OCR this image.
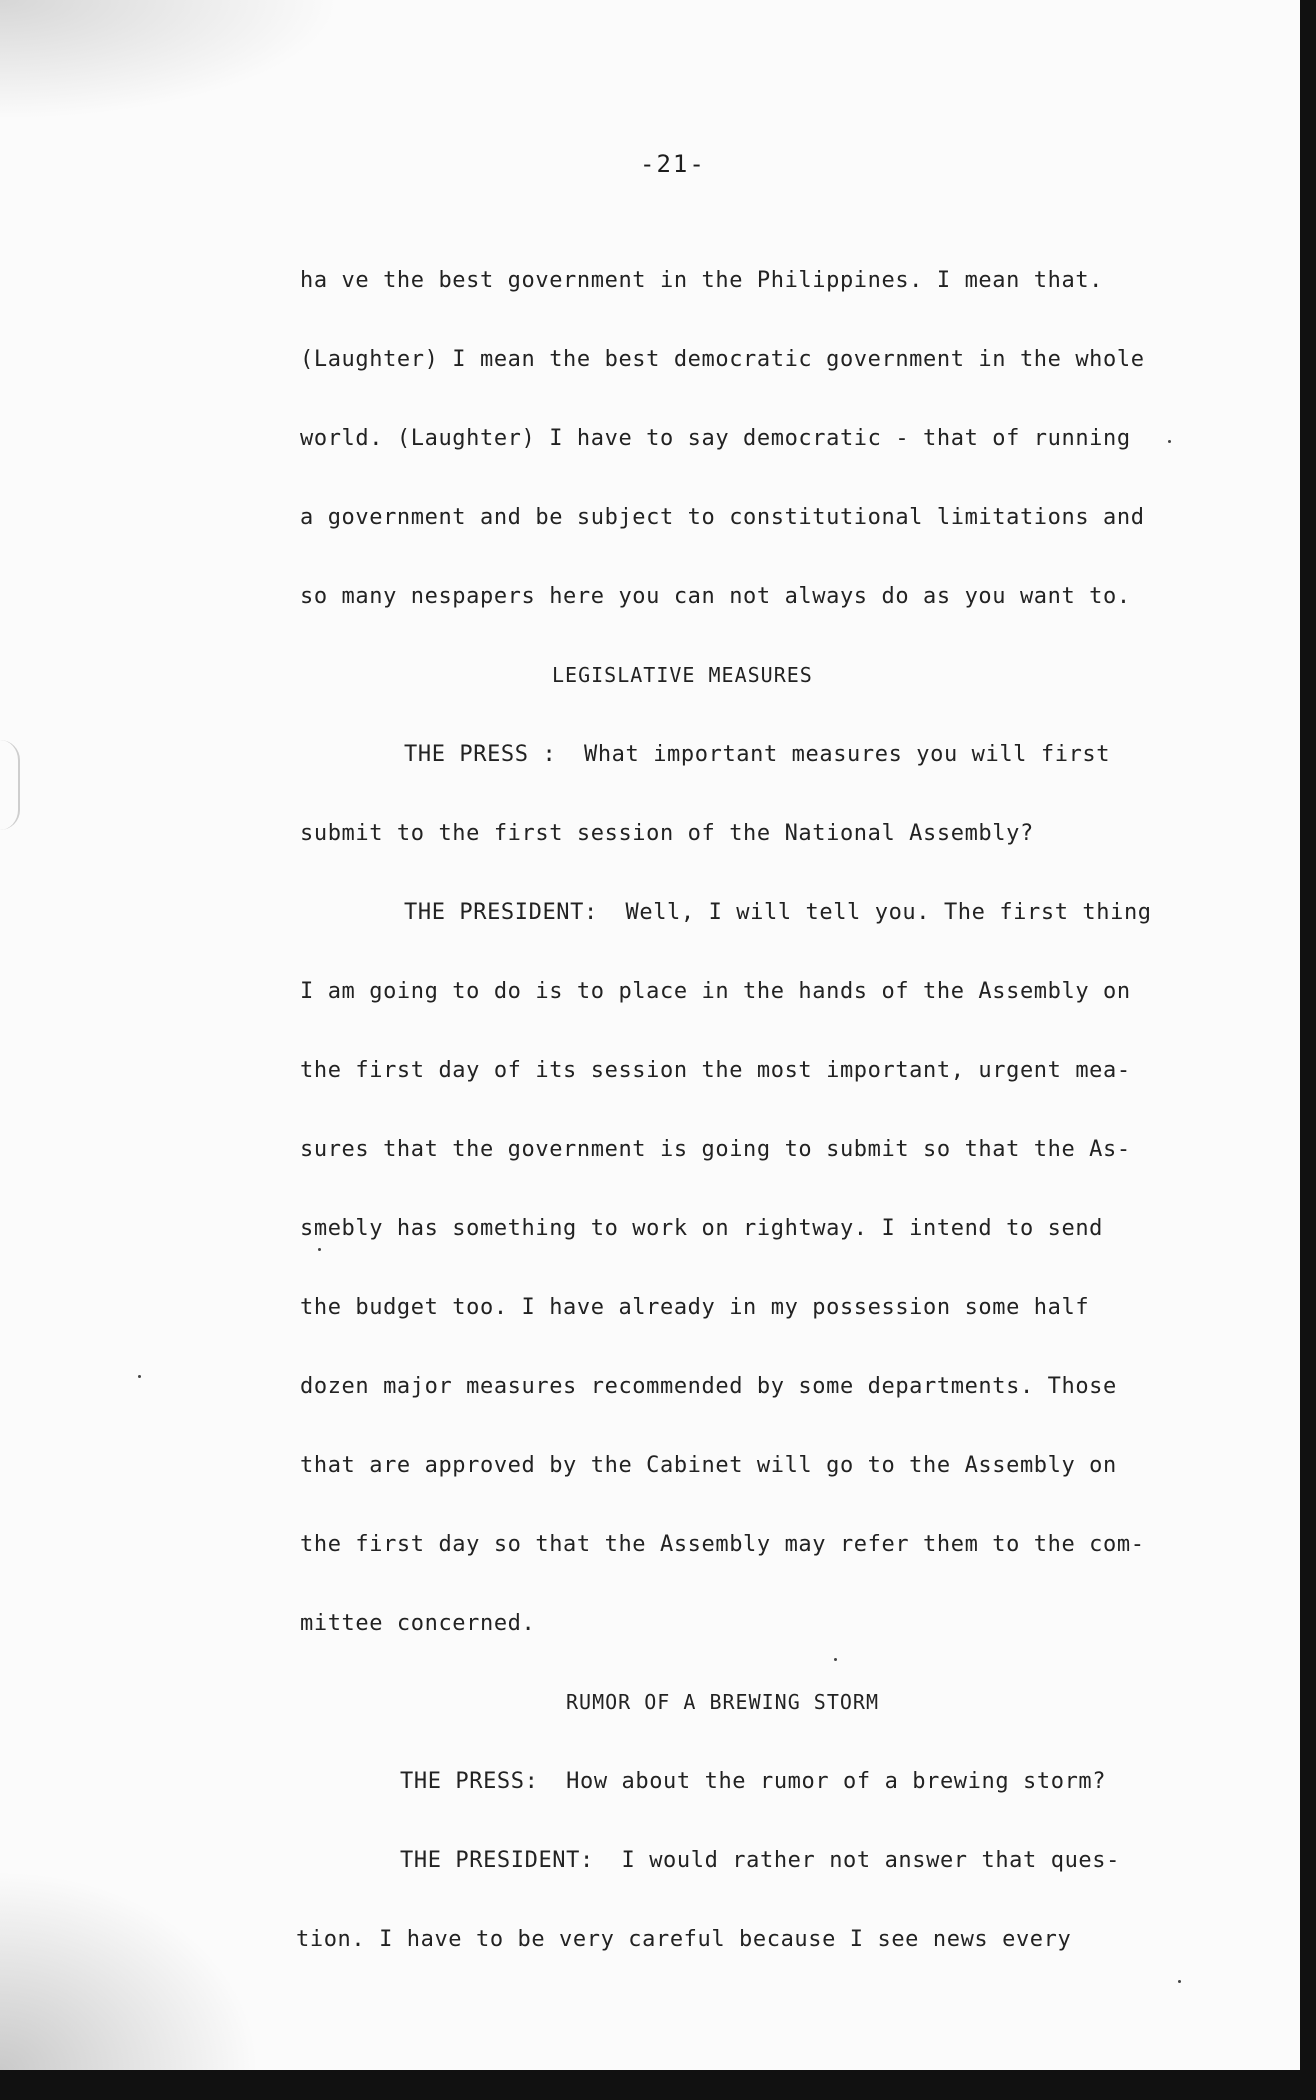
-21-
ha ve the best government in the Philippines. I mean that.
(Laughter) I mean the best democratic government in the whole
world. (Laughter) I have to say democratic - that of running
a government and be subject to constitutional limitations and
so many nespapers here you can not always do as you want to.
LEGISLATIVE MEASURES
THE PRESS :  What important measures you will first
submit to the first session of the National Assembly?
THE PRESIDENT:  Well, I will tell you. The first thing
I am going to do is to place in the hands of the Assembly on
the first day of its session the most important, urgent mea-
sures that the government is going to submit so that the As-
smebly has something to work on rightway. I intend to send
the budget too. I have already in my possession some half
dozen major measures recommended by some departments. Those
that are approved by the Cabinet will go to the Assembly on
the first day so that the Assembly may refer them to the com-
mittee concerned.
RUMOR OF A BREWING STORM
THE PRESS:  How about the rumor of a brewing storm?
THE PRESIDENT:  I would rather not answer that ques-
tion. I have to be very careful because I see news every
